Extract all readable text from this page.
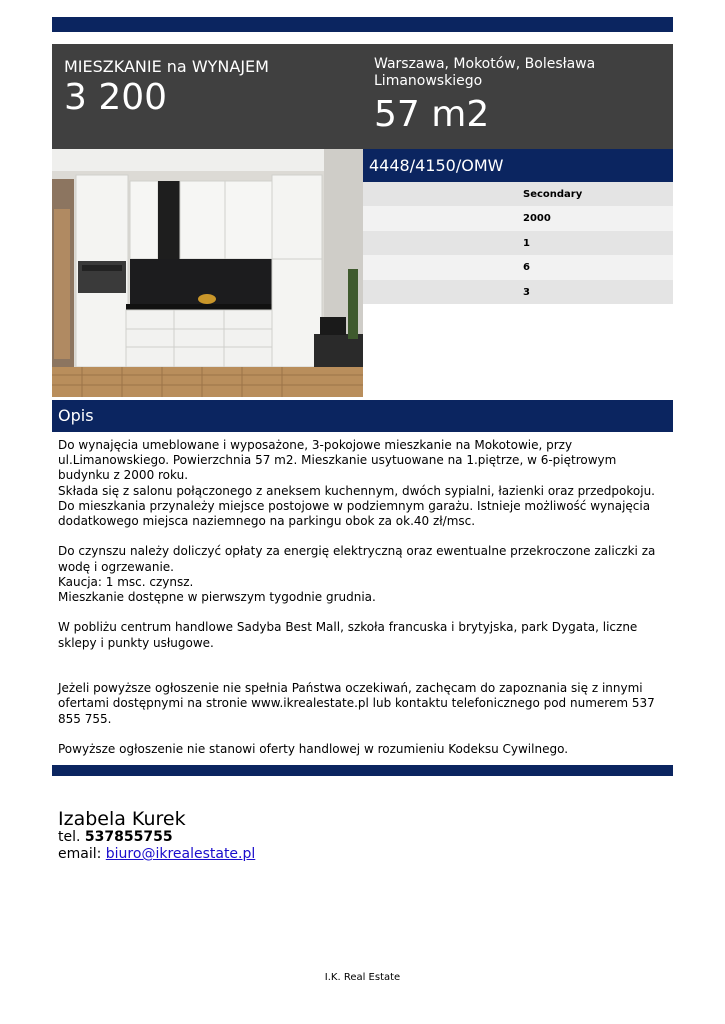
MIESZKANIE na WYNAJEM
3 200
Warszawa, Mokotów, Bolesława Limanowskiego
57 m2
4448/4150/OMW
Secondary
2000
1
6
3
Opis

Do wynajęcia umeblowane i wyposażone, 3-pokojowe mieszkanie na Mokotowie, przy ul.Limanowskiego. Powierzchnia 57 m2. Mieszkanie usytuowane na 1.piętrze, w 6-piętrowym budynku z 2000 roku.

Składa się z salonu połączonego z aneksem kuchennym, dwóch sypialni, łazienki oraz przedpokoju.

Do mieszkania przynależy miejsce postojowe w podziemnym garażu. Istnieje możliwość wynajęcia dodatkowego miejsca naziemnego na parkingu obok za ok.40 zł/msc.

Do czynszu należy doliczyć opłaty za energię elektryczną oraz ewentualne przekroczone zaliczki za wodę i ogrzewanie.

Kaucja: 1 msc. czynsz.

Mieszkanie dostępne w pierwszym tygodnie grudnia.

W pobliżu centrum handlowe Sadyba Best Mall, szkoła francuska i brytyjska, park Dygata, liczne sklepy i punkty usługowe.

Jeżeli powyższe ogłoszenie nie spełnia Państwa oczekiwań, zachęcam do zapoznania się z innymi ofertami dostępnymi na stronie www.ikrealestate.pl lub kontaktu telefonicznego pod numerem 537 855 755.

Powyższe ogłoszenie nie stanowi oferty handlowej w rozumieniu Kodeksu Cywilnego.

Izabela Kurek
tel. 537855755
email: biuro@ikrealestate.pl
I.K. Real Estate
